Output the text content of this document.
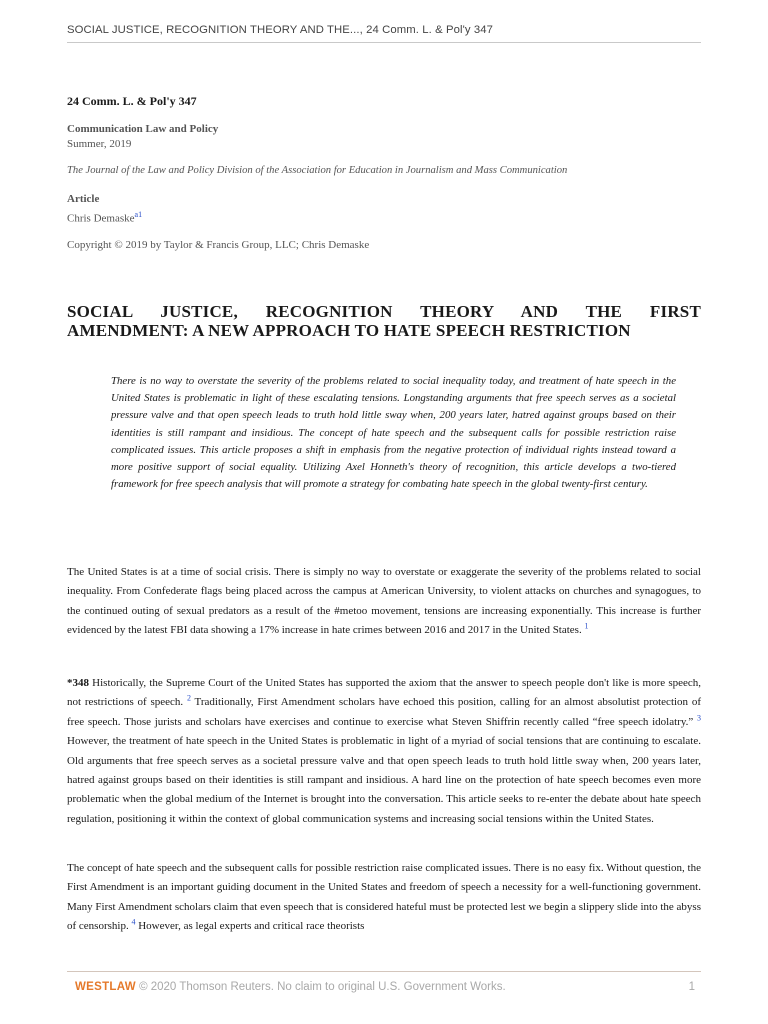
SOCIAL JUSTICE, RECOGNITION THEORY AND THE..., 24 Comm. L. & Pol'y 347
24 Comm. L. & Pol'y 347
Communication Law and Policy
Summer, 2019
The Journal of the Law and Policy Division of the Association for Education in Journalism and Mass Communication
Article
Chris Demaske$^{a1}$
Copyright © 2019 by Taylor & Francis Group, LLC; Chris Demaske
SOCIAL JUSTICE, RECOGNITION THEORY AND THE FIRST
AMENDMENT: A NEW APPROACH TO HATE SPEECH RESTRICTION
There is no way to overstate the severity of the problems related to social inequality today, and treatment of hate speech in the United States is problematic in light of these escalating tensions. Longstanding arguments that free speech serves as a societal pressure valve and that open speech leads to truth hold little sway when, 200 years later, hatred against groups based on their identities is still rampant and insidious. The concept of hate speech and the subsequent calls for possible restriction raise complicated issues. This article proposes a shift in emphasis from the negative protection of individual rights instead toward a more positive support of social equality. Utilizing Axel Honneth's theory of recognition, this article develops a two-tiered framework for free speech analysis that will promote a strategy for combating hate speech in the global twenty-first century.
The United States is at a time of social crisis. There is simply no way to overstate or exaggerate the severity of the problems related to social inequality. From Confederate flags being placed across the campus at American University, to violent attacks on churches and synagogues, to the continued outing of sexual predators as a result of the #metoo movement, tensions are increasing exponentially. This increase is further evidenced by the latest FBI data showing a 17% increase in hate crimes between 2016 and 2017 in the United States. $^1$
*348 Historically, the Supreme Court of the United States has supported the axiom that the answer to speech people don't like is more speech, not restrictions of speech. $^2$ Traditionally, First Amendment scholars have echoed this position, calling for an almost absolutist protection of free speech. Those jurists and scholars have exercises and continue to exercise what Steven Shiffrin recently called “free speech idolatry.” $^3$ However, the treatment of hate speech in the United States is problematic in light of a myriad of social tensions that are continuing to escalate. Old arguments that free speech serves as a societal pressure valve and that open speech leads to truth hold little sway when, 200 years later, hatred against groups based on their identities is still rampant and insidious. A hard line on the protection of hate speech becomes even more problematic when the global medium of the Internet is brought into the conversation. This article seeks to re-enter the debate about hate speech regulation, positioning it within the context of global communication systems and increasing social tensions within the United States.
The concept of hate speech and the subsequent calls for possible restriction raise complicated issues. There is no easy fix. Without question, the First Amendment is an important guiding document in the United States and freedom of speech a necessity for a well-functioning government. Many First Amendment scholars claim that even speech that is considered hateful must be protected lest we begin a slippery slide into the abyss of censorship. $^4$ However, as legal experts and critical race theorists
WESTLAW © 2020 Thomson Reuters. No claim to original U.S. Government Works.	1
